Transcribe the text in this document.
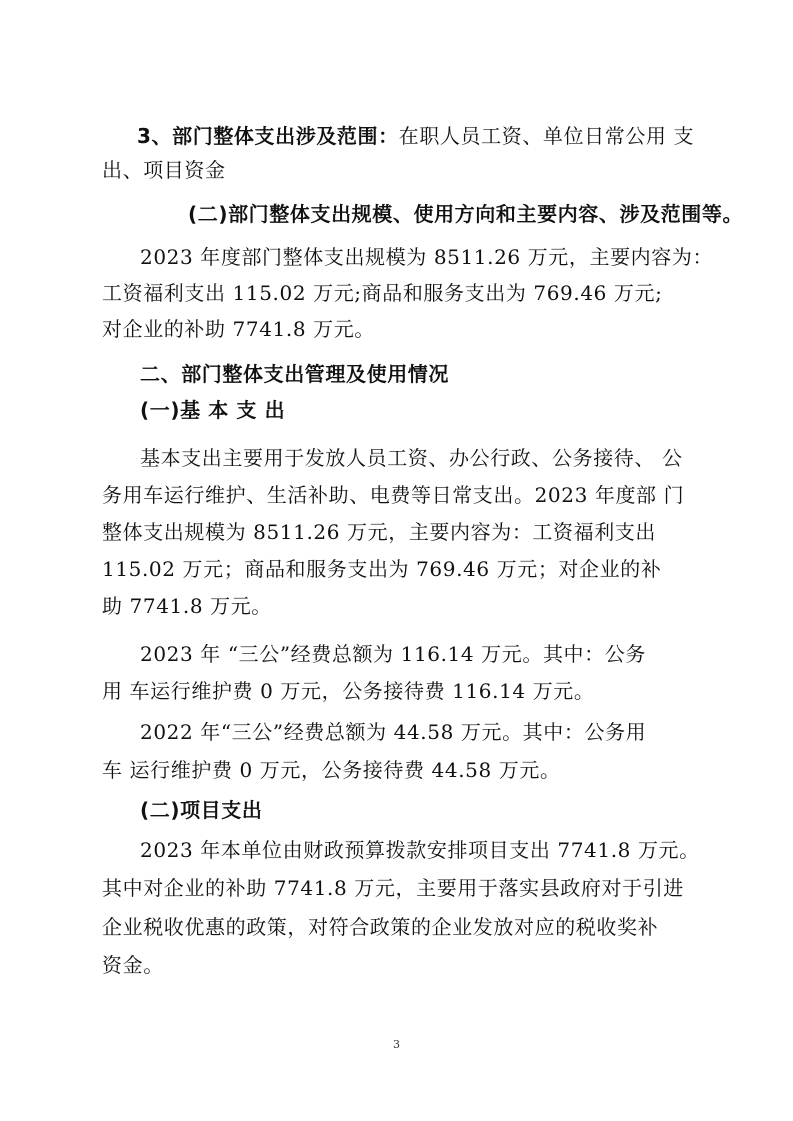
3、部门整体支出涉及范围：在职人员工资、单位日常公用 支
出、项目资金
(二)部门整体支出规模、使用方向和主要内容、涉及范围等。
2023 年度部门整体支出规模为 8511.26 万元，主要内容为：
工资福利支出 115.02 万元;商品和服务支出为 769.46 万元;
对企业的补助 7741.8 万元。
二、部门整体支出管理及使用情况
(一)基 本 支 出
基本支出主要用于发放人员工资、办公行政、公务接待、 公
务用车运行维护、生活补助、电费等日常支出。2023 年度部 门
整体支出规模为 8511.26 万元，主要内容为：工资福利支出
115.02 万元；商品和服务支出为 769.46 万元；对企业的补
助 7741.8 万元。
2023 年 “三公”经费总额为 116.14 万元。其中：公务
用 车运行维护费 0 万元，公务接待费 116.14 万元。
2022 年“三公”经费总额为 44.58 万元。其中：公务用
车 运行维护费 0 万元，公务接待费 44.58 万元。
(二)项目支出
2023 年本单位由财政预算拨款安排项目支出 7741.8 万元。
其中对企业的补助 7741.8 万元，主要用于落实县政府对于引进
企业税收优惠的政策，对符合政策的企业发放对应的税收奖补
资金。
3
